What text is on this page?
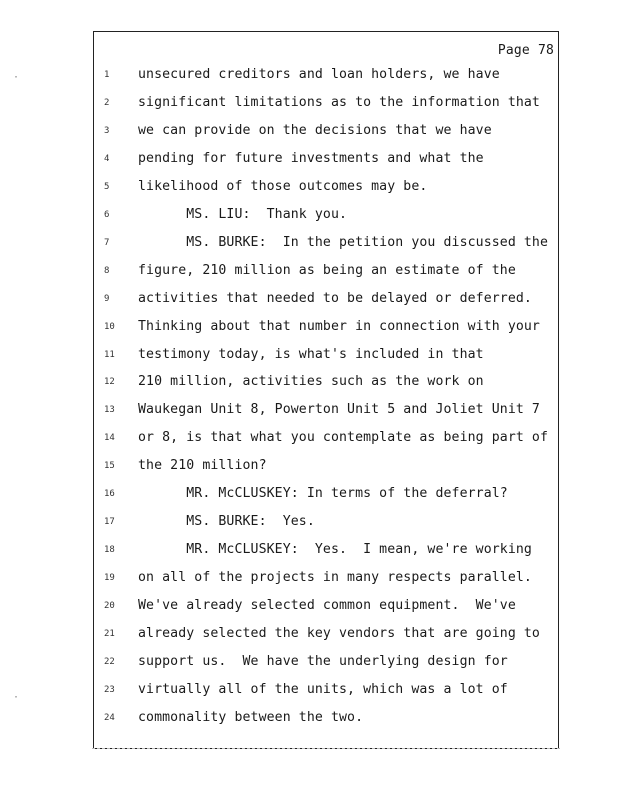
Page 78
1	unsecured creditors and loan holders, we have
2	significant limitations as to the information that
3	we can provide on the decisions that we have
4	pending for future investments and what the
5	likelihood of those outcomes may be.
6	MS. LIU:  Thank you.
7	MS. BURKE:  In the petition you discussed the
8	figure, 210 million as being an estimate of the
9	activities that needed to be delayed or deferred.
10	Thinking about that number in connection with your
11	testimony today, is what's included in that
12	210 million, activities such as the work on
13	Waukegan Unit 8, Powerton Unit 5 and Joliet Unit 7
14	or 8, is that what you contemplate as being part of
15	the 210 million?
16	MR. McCLUSKEY: In terms of the deferral?
17	MS. BURKE:  Yes.
18	MR. McCLUSKEY:  Yes.  I mean, we're working
19	on all of the projects in many respects parallel.
20	We've already selected common equipment.  We've
21	already selected the key vendors that are going to
22	support us.  We have the underlying design for
23	virtually all of the units, which was a lot of
24	commonality between the two.
·
·
